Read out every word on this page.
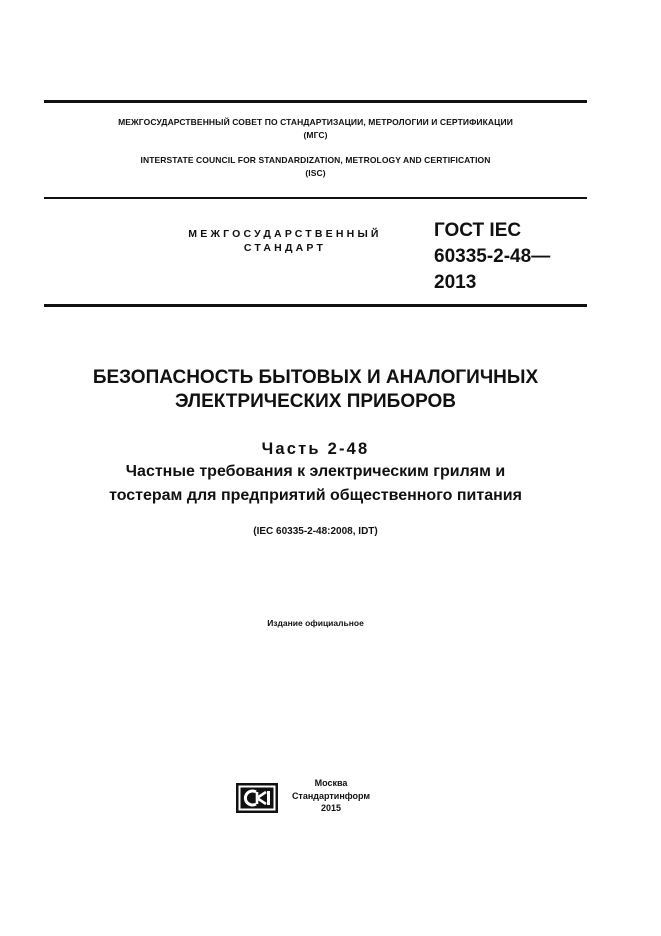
МЕЖГОСУДАРСТВЕННЫЙ СОВЕТ ПО СТАНДАРТИЗАЦИИ, МЕТРОЛОГИИ И СЕРТИФИКАЦИИ
(МГС)
INTERSTATE COUNCIL FOR STANDARDIZATION, METROLOGY AND CERTIFICATION
(ISC)
МЕЖГОСУДАРСТВЕННЫЙ
СТАНДАРТ
ГОСТ IEC
60335-2-48—
2013
БЕЗОПАСНОСТЬ БЫТОВЫХ И АНАЛОГИЧНЫХ
ЭЛЕКТРИЧЕСКИХ ПРИБОРОВ
Часть 2-48
Частные требования к электрическим грилям и
тостерам для предприятий общественного питания
(IEC 60335-2-48:2008, IDT)
Издание официальное
Москва
Стандартинформ
2015
